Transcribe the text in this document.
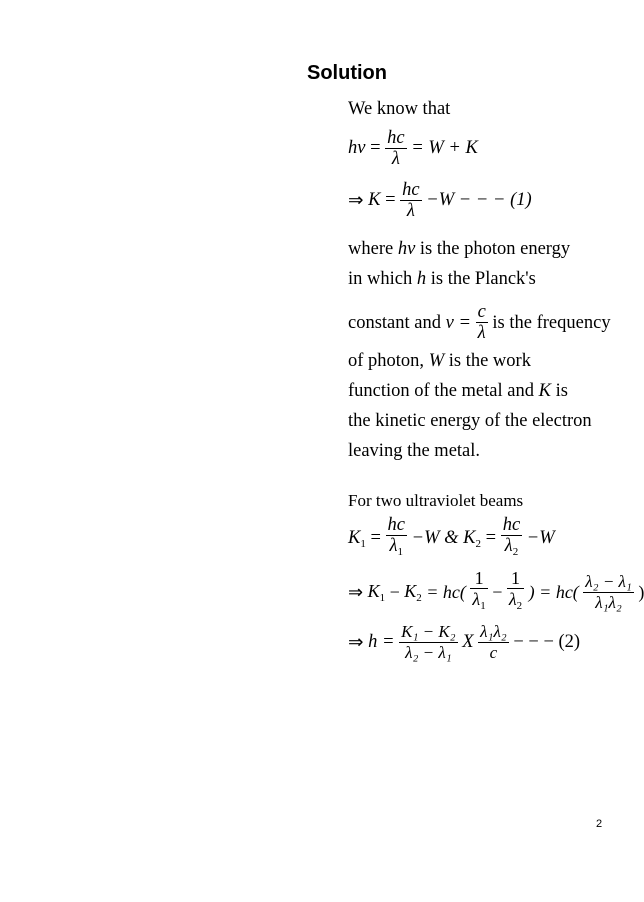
Solution
We know that
$h\nu = \frac{hc}{\lambda} = W + K$
⇒ $K = \frac{hc}{\lambda} -W$ − − − (1)
where hν is the photon energy
in which h is the Planck's
constant and $\nu = \frac{c}{\lambda}$ is the frequency
of photon, W is the work
function of the metal and K is
the kinetic energy of the electron
leaving the metal.
For two ultraviolet beams
$K_1 = \frac{hc}{\lambda_1} -W$ & $K_2 = \frac{hc}{\lambda_2} -W$
⇒ $K_1 - K_2 = hc( \frac{1}{\lambda_1} - \frac{1}{\lambda_2}$ ) = $hc( \frac{\text{λ₂ − λ₁}}{\text{λ₁λ₂}}$ )
⇒ $h = \frac{\text{K₁ − K₂}}{\text{λ₂ − λ₁}}$ X $\frac{\text{λ₁λ₂}}{c}$ − − − (2)
2
